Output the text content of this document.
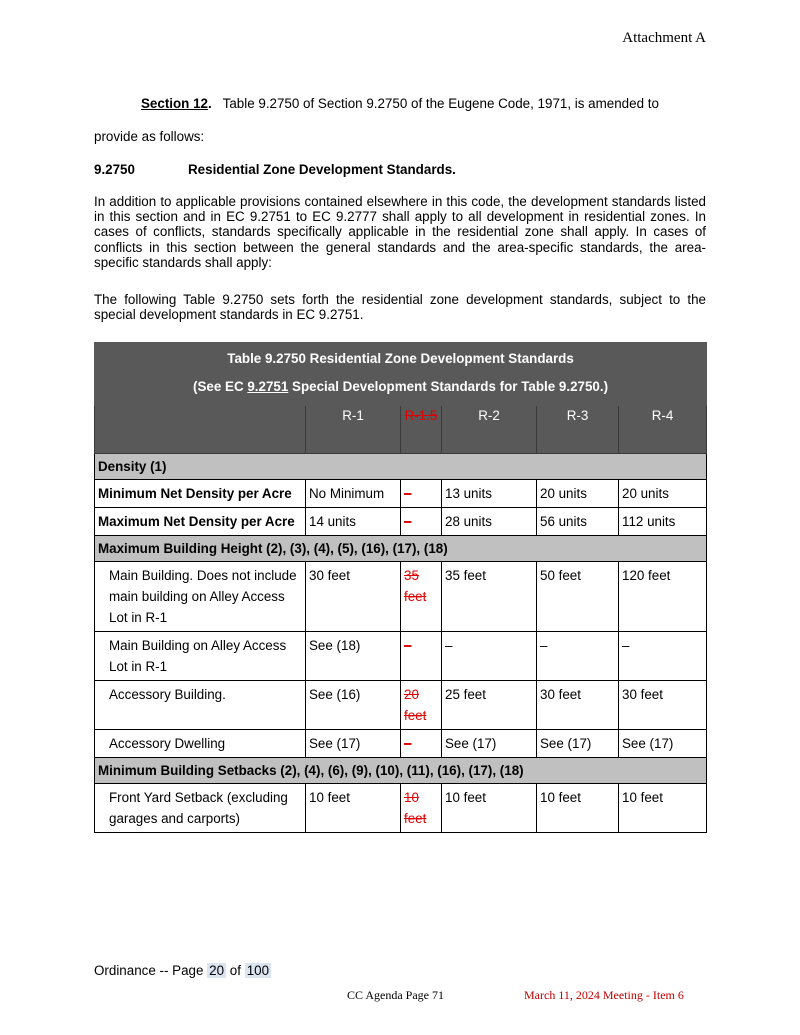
Attachment A
Section 12. Table 9.2750 of Section 9.2750 of the Eugene Code, 1971, is amended to
provide as follows:
9.2750	Residential Zone Development Standards.
In addition to applicable provisions contained elsewhere in this code, the development standards listed in this section and in EC 9.2751 to EC 9.2777 shall apply to all development in residential zones. In cases of conflicts, standards specifically applicable in the residential zone shall apply. In cases of conflicts in this section between the general standards and the area-specific standards, the area-specific standards shall apply:
The following Table 9.2750 sets forth the residential zone development standards, subject to the special development standards in EC 9.2751.
Table 9.2750 Residential Zone Development Standards
(See EC 9.2751 Special Development Standards for Table 9.2750.)					

	R-1	R-1.5	R-2	R-3	R-4
Density (1)					
Minimum Net Density per Acre	No Minimum	–	13 units	20 units	20 units
Maximum Net Density per Acre	14 units	–	28 units	56 units	112 units
Maximum Building Height (2), (3), (4), (5), (16), (17), (18)					
Main Building. Does not include main building on Alley Access Lot in R-1	30 feet	35 feet	35 feet	50 feet	120 feet
Main Building on Alley Access Lot in R-1	See (18)	–	–	–	–
Accessory Building.	See (16)	20 feet	25 feet	30 feet	30 feet
Accessory Dwelling	See (17)	–	See (17)	See (17)	See (17)
Minimum Building Setbacks (2), (4), (6), (9), (10), (11), (16), (17), (18)					
Front Yard Setback (excluding garages and carports)	10 feet	10 feet	10 feet	10 feet	10 feet
Ordinance -- Page 20 of 100
CC Agenda Page 71	March 11, 2024 Meeting - Item 6
